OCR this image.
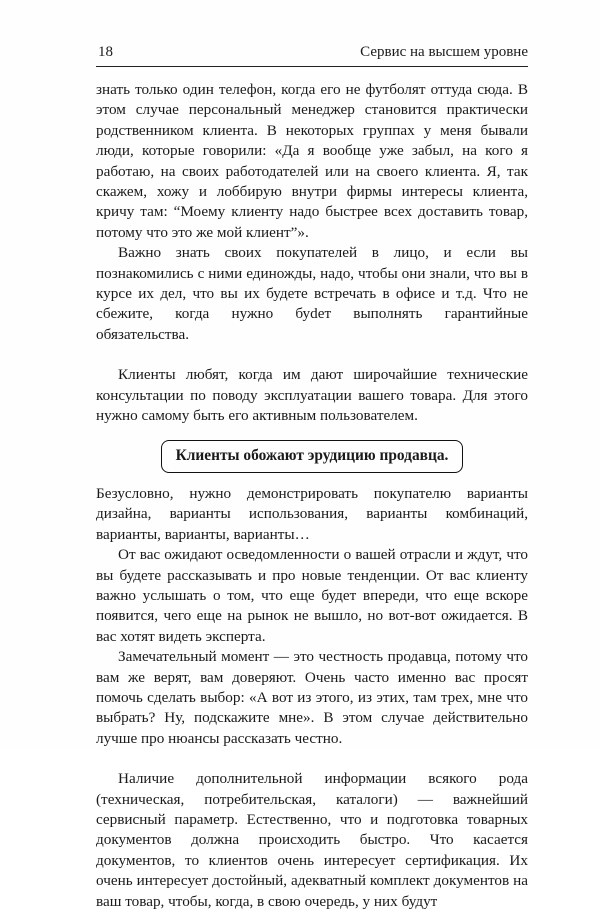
18	Сервис на высшем уровне

знать только один телефон, когда его не футболят оттуда сюда. В этом случае персональный менеджер становится практически родственником клиента. В некоторых группах у меня бывали люди, которые говорили: «Да я вообще уже забыл, на кого я работаю, на своих работодателей или на своего клиента. Я, так скажем, хожу и лоббирую внутри фирмы интересы клиента, кричу там: “Моему клиенту надо быстрее всех доставить товар, потому что это же мой клиент”».

Важно знать своих покупателей в лицо, и если вы познакомились с ними единожды, надо, чтобы они знали, что вы в курсе их дел, что вы их будете встречать в офисе и т.д. Что не сбежите, когда нужно буdет выполнять гарантийные обязательства.

Клиенты любят, когда им дают широчайшие технические консультации по поводу эксплуатации вашего товара. Для этого нужно самому быть его активным пользователем.

Клиенты обожают эрудицию продавца.

Безусловно, нужно демонстрировать покупателю варианты дизайна, варианты использования, варианты комбинаций, варианты, варианты, варианты…

От вас ожидают осведомленности о вашей отрасли и ждут, что вы будете рассказывать и про новые тенденции. От вас клиенту важно услышать о том, что еще будет впереди, что еще вскоре появится, чего еще на рынок не вышло, но вот-вот ожидается. В вас хотят видеть эксперта.

Замечательный момент — это честность продавца, потому что вам же верят, вам доверяют. Очень часто именно вас просят помочь сделать выбор: «А вот из этого, из этих, там трех, мне что выбрать? Ну, подскажите мне». В этом случае действительно лучше про нюансы рассказать честно.

Наличие дополнительной информации всякого рода (техническая, потребительская, каталоги) — важнейший сервисный параметр. Естественно, что и подготовка товарных документов должна происходить быстро. Что касается документов, то клиентов очень интересует сертификация. Их очень интересует достойный, адекватный комплект документов на ваш товар, чтобы, когда, в свою очередь, у них будут
